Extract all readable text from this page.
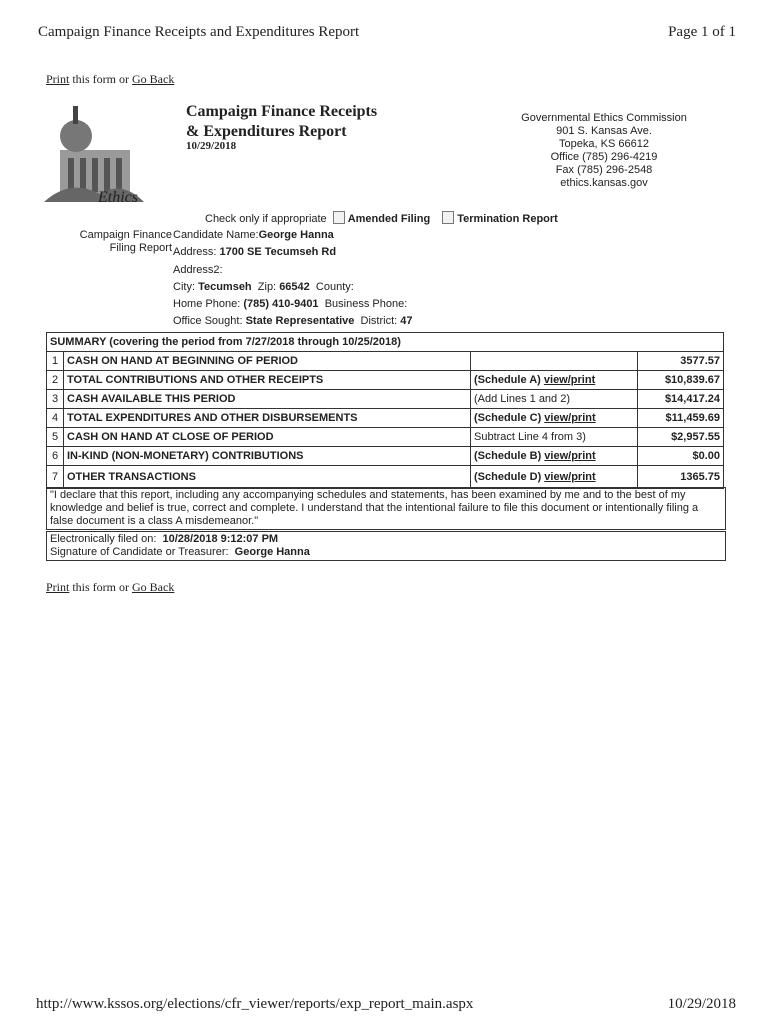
Campaign Finance Receipts and Expenditures Report	Page 1 of 1
Print this form or Go Back
Ethics
Campaign Finance Receipts
& Expenditures Report
10/29/2018
Governmental Ethics Commission
901 S. Kansas Ave.
Topeka, KS 66612
Office (785) 296-4219
Fax (785) 296-2548
ethics.kansas.gov
Check only if appropriate Amended Filing Termination Report
Campaign Finance
Filing Report
Candidate Name:George Hanna
Address: 1700 SE Tecumseh Rd
Address2:
City: Tecumseh Zip: 66542 County:
Home Phone: (785) 410-9401 Business Phone:
Office Sought: State Representative District: 47
SUMMARY (covering the period from 7/27/2018 through 10/25/2018)			
1	CASH ON HAND AT BEGINNING OF PERIOD		3577.57
2	TOTAL CONTRIBUTIONS AND OTHER RECEIPTS	(Schedule A) view/print	$10,839.67
3	CASH AVAILABLE THIS PERIOD	(Add Lines 1 and 2)	$14,417.24
4	TOTAL EXPENDITURES AND OTHER DISBURSEMENTS	(Schedule C) view/print	$11,459.69
5	CASH ON HAND AT CLOSE OF PERIOD	Subtract Line 4 from 3)	$2,957.55
6	IN-KIND (NON-MONETARY) CONTRIBUTIONS	(Schedule B) view/print	$0.00
7	OTHER TRANSACTIONS	(Schedule D) view/print	1365.75
"I declare that this report, including any accompanying schedules and statements, has been examined by me and to the best of my knowledge and belief is true, correct and complete. I understand that the intentional failure to file this document or intentionally filing a false document is a class A misdemeanor."
Electronically filed on: 10/28/2018 9:12:07 PM
Signature of Candidate or Treasurer: George Hanna
Print this form or Go Back
http://www.kssos.org/elections/cfr_viewer/reports/exp_report_main.aspx	10/29/2018
